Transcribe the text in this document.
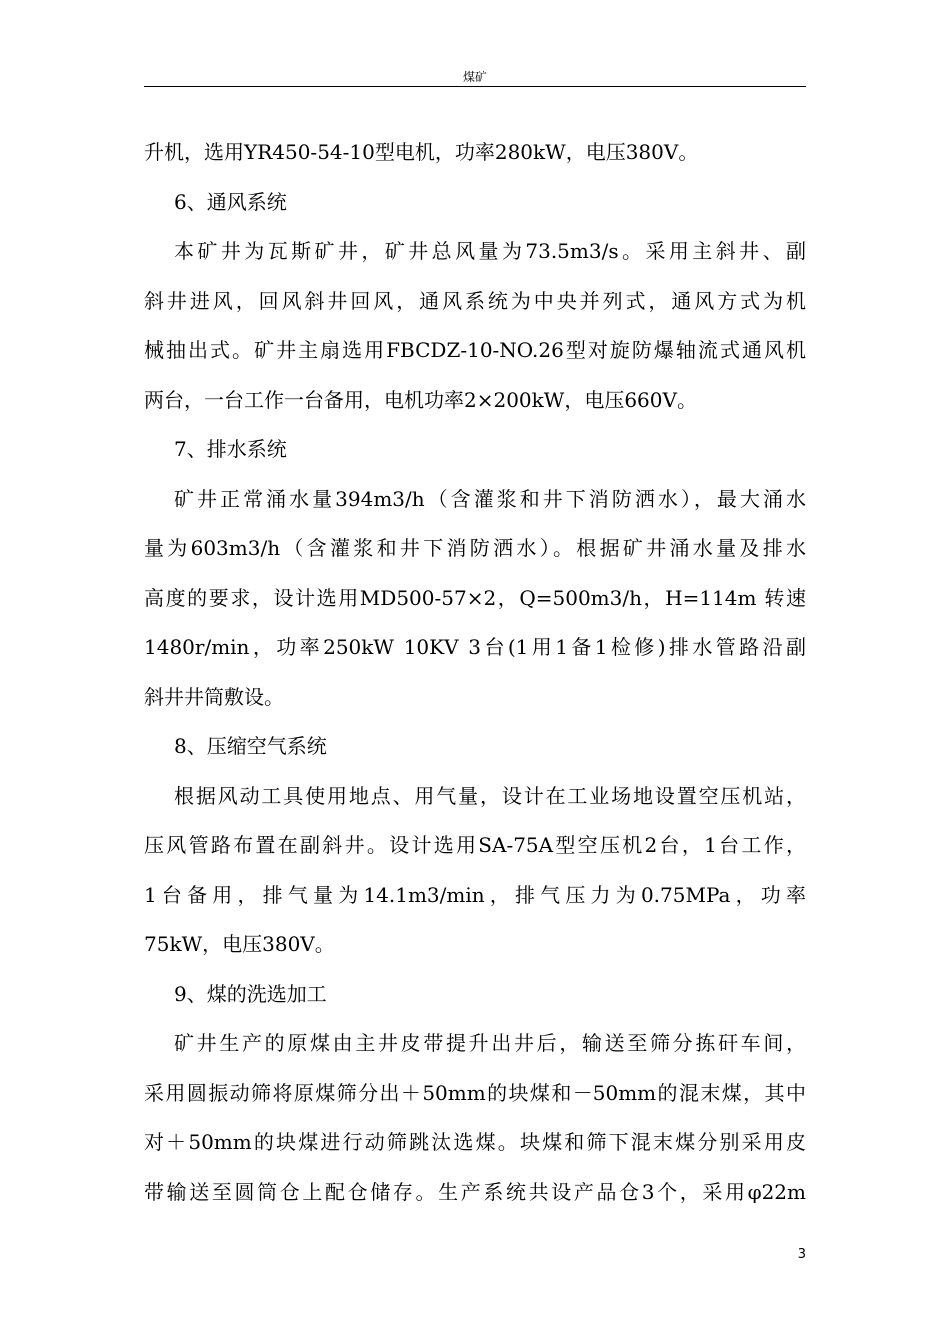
煤矿
升机，选用YR450-54-10型电机，功率280kW，电压380V。
6、通风系统
本矿井为瓦斯矿井，矿井总风量为73.5m3/s。采用主斜井、副
斜井进风，回风斜井回风，通风系统为中央并列式，通风方式为机
械抽出式。矿井主扇选用FBCDZ-10-NO.26型对旋防爆轴流式通风机
两台，一台工作一台备用，电机功率2×200kW，电压660V。
7、排水系统
矿井正常涌水量394m3/h（含灌浆和井下消防洒水），最大涌水
量为603m3/h（含灌浆和井下消防洒水）。根据矿井涌水量及排水
高度的要求，设计选用MD500-57×2，Q=500m3/h，H=114m 转速
1480r/min，功率250kW 10KV 3台(1用1备1检修)排水管路沿副
斜井井筒敷设。
8、压缩空气系统
根据风动工具使用地点、用气量，设计在工业场地设置空压机站，
压风管路布置在副斜井。设计选用SA-75A型空压机2台，1台工作，
1台备用，排气量为14.1m3/min，排气压力为0.75MPa，功率
75kW，电压380V。
9、煤的洗选加工
矿井生产的原煤由主井皮带提升出井后，输送至筛分拣矸车间，
采用圆振动筛将原煤筛分出＋50mm的块煤和－50mm的混末煤，其中
对＋50mm的块煤进行动筛跳汰选煤。块煤和筛下混末煤分别采用皮
带输送至圆筒仓上配仓储存。生产系统共设产品仓3个，采用φ22m
3
